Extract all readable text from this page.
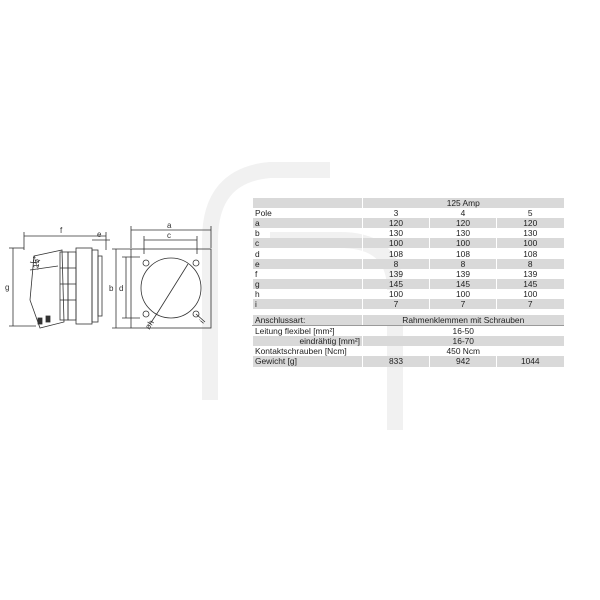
f	e
g
15°
a
c
b d
øh	i
	125 Amp		
Pole	3	4	5
a	120	120	120
b	130	130	130
c	100	100	100
d	108	108	108
e	8	8	8
f	139	139	139
g	145	145	145
h	100	100	100
i	7	7	7

Anschlussart:	Rahmenklemmen mit Schrauben		
Leitung flexibel [mm²]	16-50		
eindrähtig [mm²]	16-70		
Kontaktschrauben [Ncm]	450 Ncm		
Gewicht [g]	833	942	1044
